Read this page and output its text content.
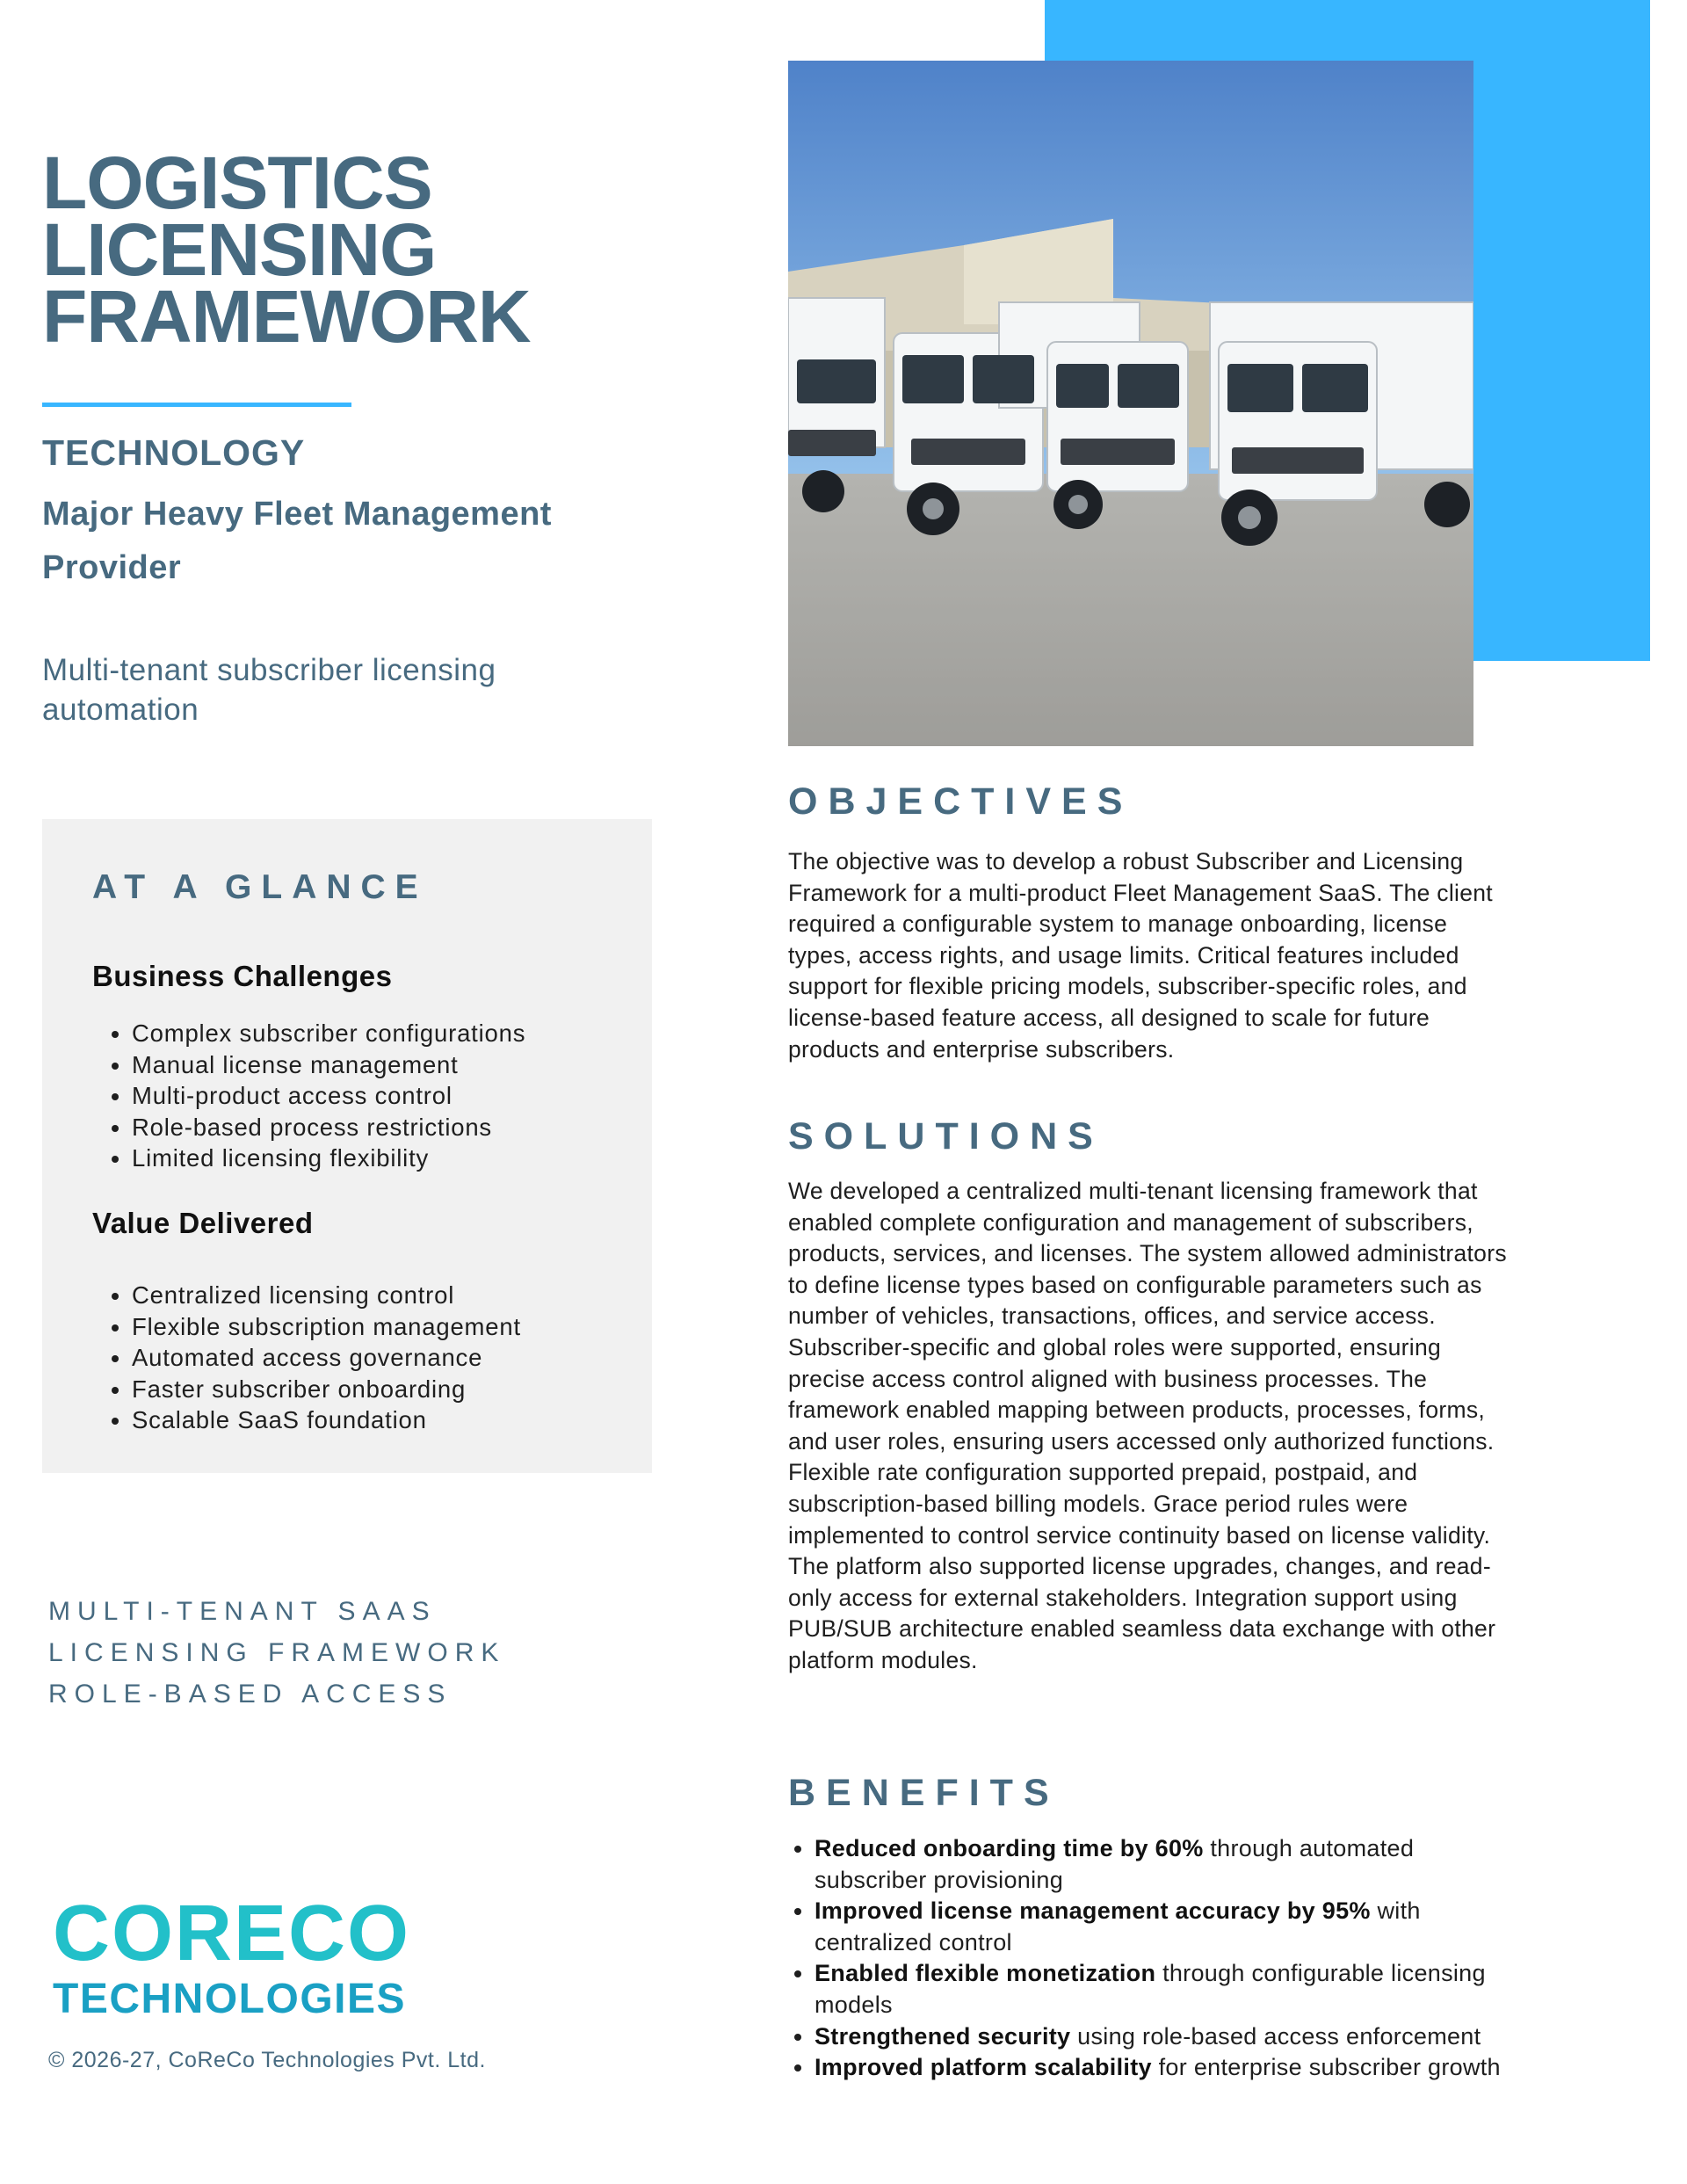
LOGISTICS
LICENSING
FRAMEWORK
TECHNOLOGY
Major Heavy Fleet Management
Provider
Multi-tenant subscriber licensing
automation
AT A GLANCE
Business Challenges
• Complex subscriber configurations
• Manual license management
• Multi-product access control
• Role-based process restrictions
• Limited licensing flexibility
Value Delivered
• Centralized licensing control
• Flexible subscription management
• Automated access governance
• Faster subscriber onboarding
• Scalable SaaS foundation
MULTI-TENANT SAAS
LICENSING FRAMEWORK
ROLE-BASED ACCESS
CORECO
TECHNOLOGIES
© 2026-27, CoReCo Technologies Pvt. Ltd.
OBJECTIVES

The objective was to develop a robust Subscriber and Licensing Framework for a multi-product Fleet Management SaaS. The client required a configurable system to manage onboarding, license types, access rights, and usage limits. Critical features included support for flexible pricing models, subscriber-specific roles, and license-based feature access, all designed to scale for future products and enterprise subscribers.

SOLUTIONS

We developed a centralized multi-tenant licensing framework that enabled complete configuration and management of subscribers, products, services, and licenses. The system allowed administrators to define license types based on configurable parameters such as number of vehicles, transactions, offices, and service access. Subscriber-specific and global roles were supported, ensuring precise access control aligned with business processes. The framework enabled mapping between products, processes, forms, and user roles, ensuring users accessed only authorized functions. Flexible rate configuration supported prepaid, postpaid, and subscription-based billing models. Grace period rules were implemented to control service continuity based on license validity. The platform also supported license upgrades, changes, and read-only access for external stakeholders. Integration support using PUB/SUB architecture enabled seamless data exchange with other platform modules.

BENEFITS
• Reduced onboarding time by 60% through automated subscriber provisioning
• Improved license management accuracy by 95% with centralized control
• Enabled flexible monetization through configurable licensing models
• Strengthened security using role-based access enforcement
• Improved platform scalability for enterprise subscriber growth
